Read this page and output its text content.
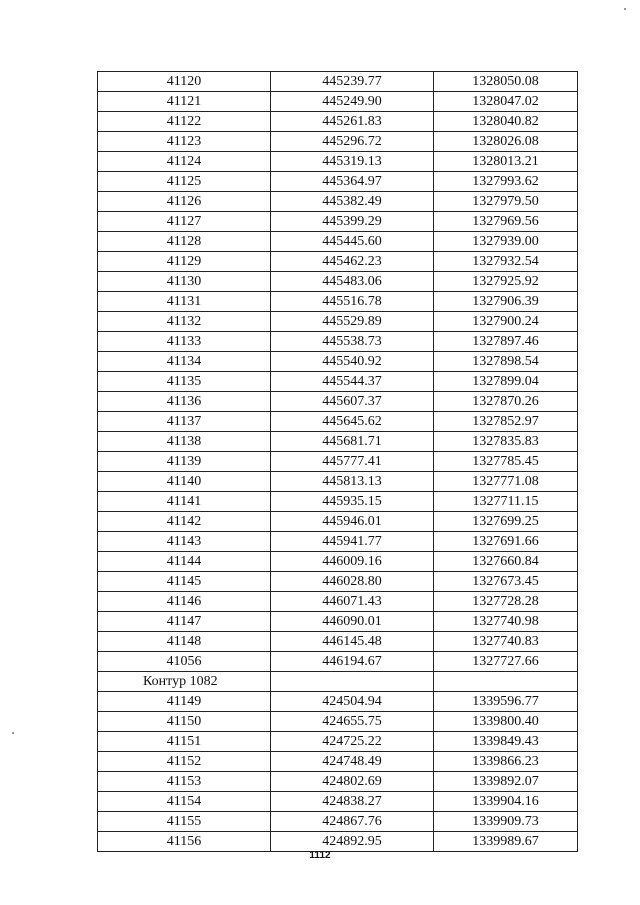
41120	445239.77	1328050.08
41121	445249.90	1328047.02
41122	445261.83	1328040.82
41123	445296.72	1328026.08
41124	445319.13	1328013.21
41125	445364.97	1327993.62
41126	445382.49	1327979.50
41127	445399.29	1327969.56
41128	445445.60	1327939.00
41129	445462.23	1327932.54
41130	445483.06	1327925.92
41131	445516.78	1327906.39
41132	445529.89	1327900.24
41133	445538.73	1327897.46
41134	445540.92	1327898.54
41135	445544.37	1327899.04
41136	445607.37	1327870.26
41137	445645.62	1327852.97
41138	445681.71	1327835.83
41139	445777.41	1327785.45
41140	445813.13	1327771.08
41141	445935.15	1327711.15
41142	445946.01	1327699.25
41143	445941.77	1327691.66
41144	446009.16	1327660.84
41145	446028.80	1327673.45
41146	446071.43	1327728.28
41147	446090.01	1327740.98
41148	446145.48	1327740.83
41056	446194.67	1327727.66
Контур 1082		
41149	424504.94	1339596.77
41150	424655.75	1339800.40
41151	424725.22	1339849.43
41152	424748.49	1339866.23
41153	424802.69	1339892.07
41154	424838.27	1339904.16
41155	424867.76	1339909.73
41156	424892.95	1339989.67
1112
